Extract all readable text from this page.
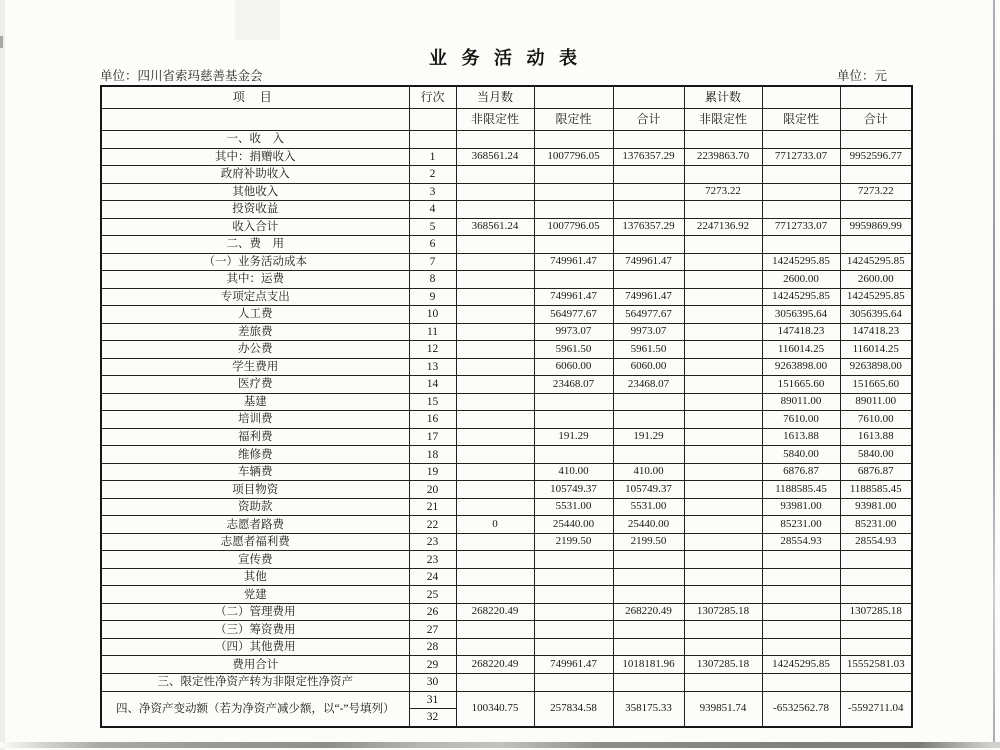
业 务 活 动 表
单位：四川省索玛慈善基金会	单位：元
项 目	行次	当月数			累计数		
		非限定性	限定性	合计	非限定性	限定性	合计
一、收　入							
其中：捐赠收入	1	368561.24	1007796.05	1376357.29	2239863.70	7712733.07	9952596.77
政府补助收入	2						
其他收入	3				7273.22		7273.22
投资收益	4						
收入合计	5	368561.24	1007796.05	1376357.29	2247136.92	7712733.07	9959869.99
二、费　用	6						
（一）业务活动成本	7		749961.47	749961.47		14245295.85	14245295.85
其中：运费	8					2600.00	2600.00
专项定点支出	9		749961.47	749961.47		14245295.85	14245295.85
人工费	10		564977.67	564977.67		3056395.64	3056395.64
差旅费	11		9973.07	9973.07		147418.23	147418.23
办公费	12		5961.50	5961.50		116014.25	116014.25
学生费用	13		6060.00	6060.00		9263898.00	9263898.00
医疗费	14		23468.07	23468.07		151665.60	151665.60
基建	15					89011.00	89011.00
培训费	16					7610.00	7610.00
福利费	17		191.29	191.29		1613.88	1613.88
维修费	18					5840.00	5840.00
车辆费	19		410.00	410.00		6876.87	6876.87
项目物资	20		105749.37	105749.37		1188585.45	1188585.45
资助款	21		5531.00	5531.00		93981.00	93981.00
志愿者路费	22	0	25440.00	25440.00		85231.00	85231.00
志愿者福利费	23		2199.50	2199.50		28554.93	28554.93
宣传费	23						
其他	24						
党建	25						
（二）管理费用	26	268220.49		268220.49	1307285.18		1307285.18
（三）筹资费用	27						
（四）其他费用	28						
费用合计	29	268220.49	749961.47	1018181.96	1307285.18	14245295.85	15552581.03
三、限定性净资产转为非限定性净资产	30						
四、净资产变动额（若为净资产减少额，以“-”号填列）	31	100340.75	257834.58	358175.33	939851.74	-6532562.78	-5592711.04
	32						
